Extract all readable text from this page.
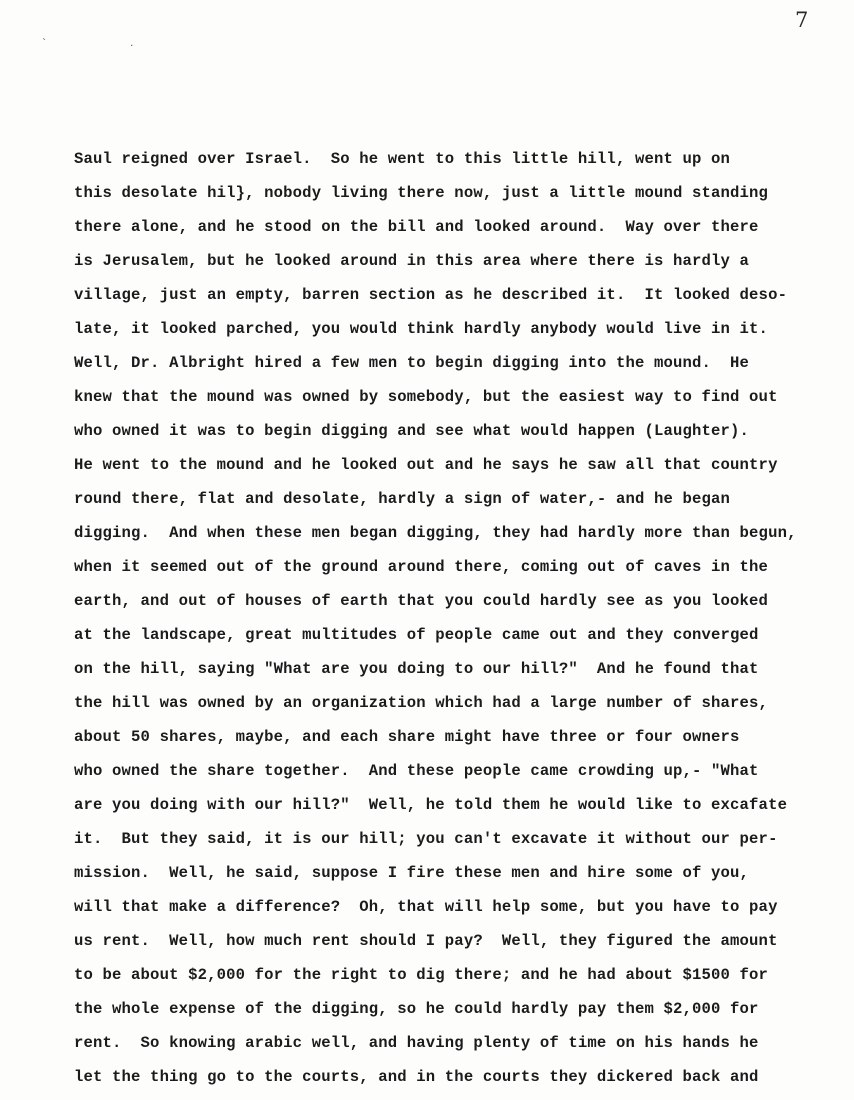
` .
7
Saul reigned over Israel.  So he went to this little hill, went up on
this desolate hil}, nobody living there now, just a little mound standing
there alone, and he stood on the bill and looked around.  Way over there
is Jerusalem, but he looked around in this area where there is hardly a
village, just an empty, barren section as he described it.  It looked deso-
late, it looked parched, you would think hardly anybody would live in it.
Well, Dr. Albright hired a few men to begin digging into the mound.  He
knew that the mound was owned by somebody, but the easiest way to find out
who owned it was to begin digging and see what would happen (Laughter).
He went to the mound and he looked out and he says he saw all that country
round there, flat and desolate, hardly a sign of water,- and he began
digging.  And when these men began digging, they had hardly more than begun,
when it seemed out of the ground around there, coming out of caves in the
earth, and out of houses of earth that you could hardly see as you looked
at the landscape, great multitudes of people came out and they converged
on the hill, saying "What are you doing to our hill?"  And he found that
the hill was owned by an organization which had a large number of shares,
about 50 shares, maybe, and each share might have three or four owners
who owned the share together.  And these people came crowding up,- "What
are you doing with our hill?"  Well, he told them he would like to excafate
it.  But they said, it is our hill; you can't excavate it without our per-
mission.  Well, he said, suppose I fire these men and hire some of you,
will that make a difference?  Oh, that will help some, but you have to pay
us rent.  Well, how much rent should I pay?  Well, they figured the amount
to be about $2,000 for the right to dig there; and he had about $1500 for
the whole expense of the digging, so he could hardly pay them $2,000 for
rent.  So knowing arabic well, and having plenty of time on his hands he
let the thing go to the courts, and in the courts they dickered back and
